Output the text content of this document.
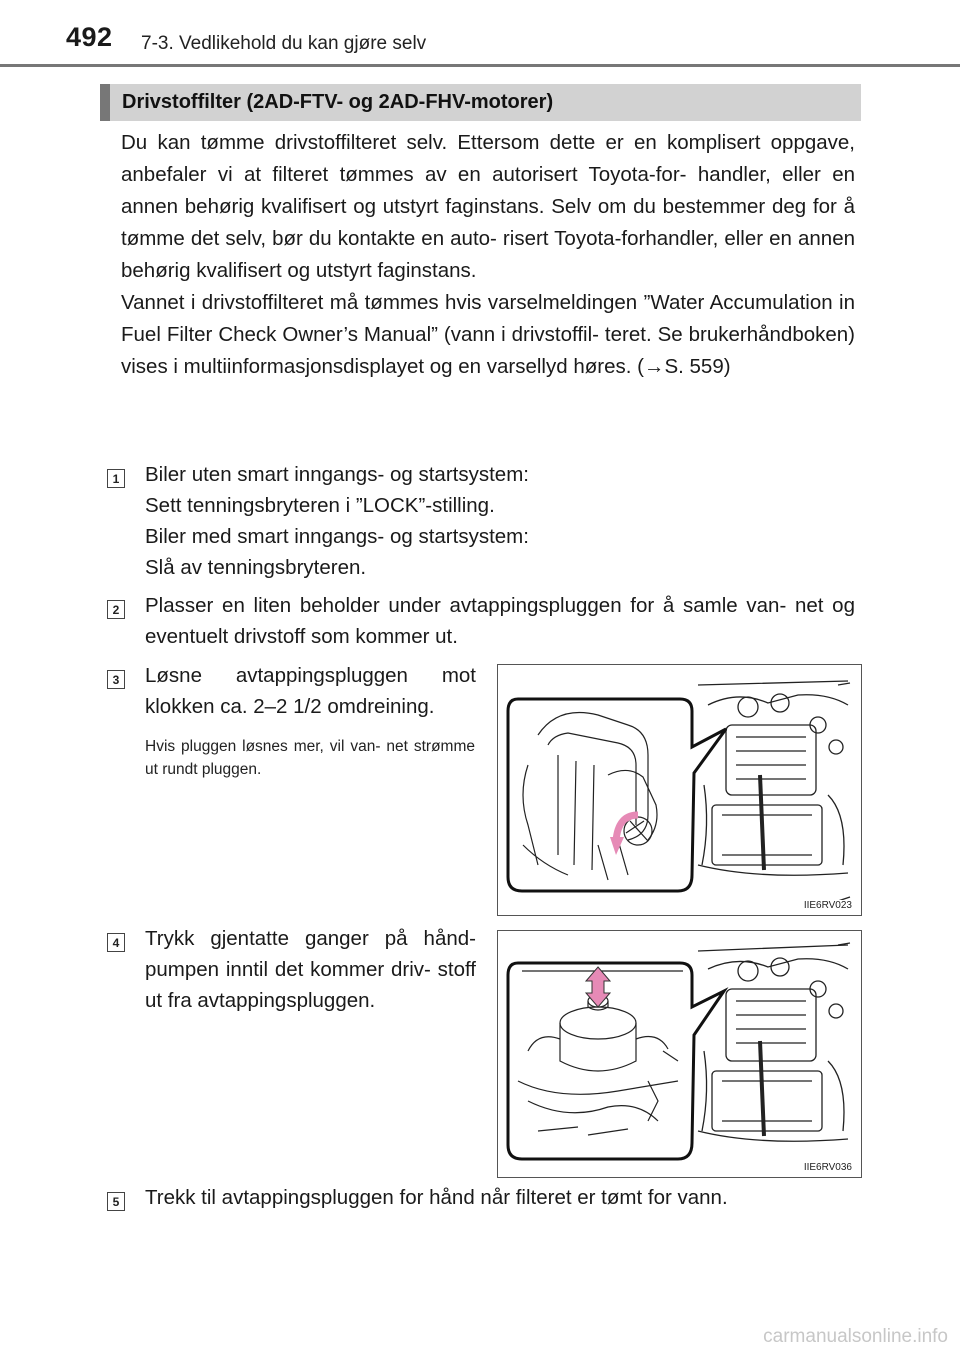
492 7-3. Vedlikehold du kan gjøre selv
Drivstoffilter (2AD-FTV- og 2AD-FHV-motorer)

Du kan tømme drivstoffilteret selv. Ettersom dette er en komplisert oppgave, anbefaler vi at filteret tømmes av en autorisert Toyota-for- handler, eller en annen behørig kvalifisert og utstyrt faginstans. Selv om du bestemmer deg for å tømme det selv, bør du kontakte en auto- risert Toyota-forhandler, eller en annen behørig kvalifisert og utstyrt faginstans.

Vannet i drivstoffilteret må tømmes hvis varselmeldingen ”Water Accumulation in Fuel Filter Check Owner’s Manual” (vann i drivstoffil- teret. Se brukerhåndboken) vises i multiinformasjonsdisplayet og en varsellyd høres. (→S. 559)

1 Biler uten smart inngangs- og startsystem:
Sett tenningsbryteren i ”LOCK”-stilling.
Biler med smart inngangs- og startsystem:
Slå av tenningsbryteren.
2 Plasser en liten beholder under avtappingspluggen for å samle van- net og eventuelt drivstoff som kommer ut.
3 Løsne avtappingspluggen mot klokken ca. 2–2 1/2 omdreining.
Hvis pluggen løsnes mer, vil van- net strømme ut rundt pluggen.
IIE6RV023
4 Trykk gjentatte ganger på hånd- pumpen inntil det kommer driv- stoff ut fra avtappingspluggen.
IIE6RV036
5 Trekk til avtappingspluggen for hånd når filteret er tømt for vann.
carmanualsonline.info
